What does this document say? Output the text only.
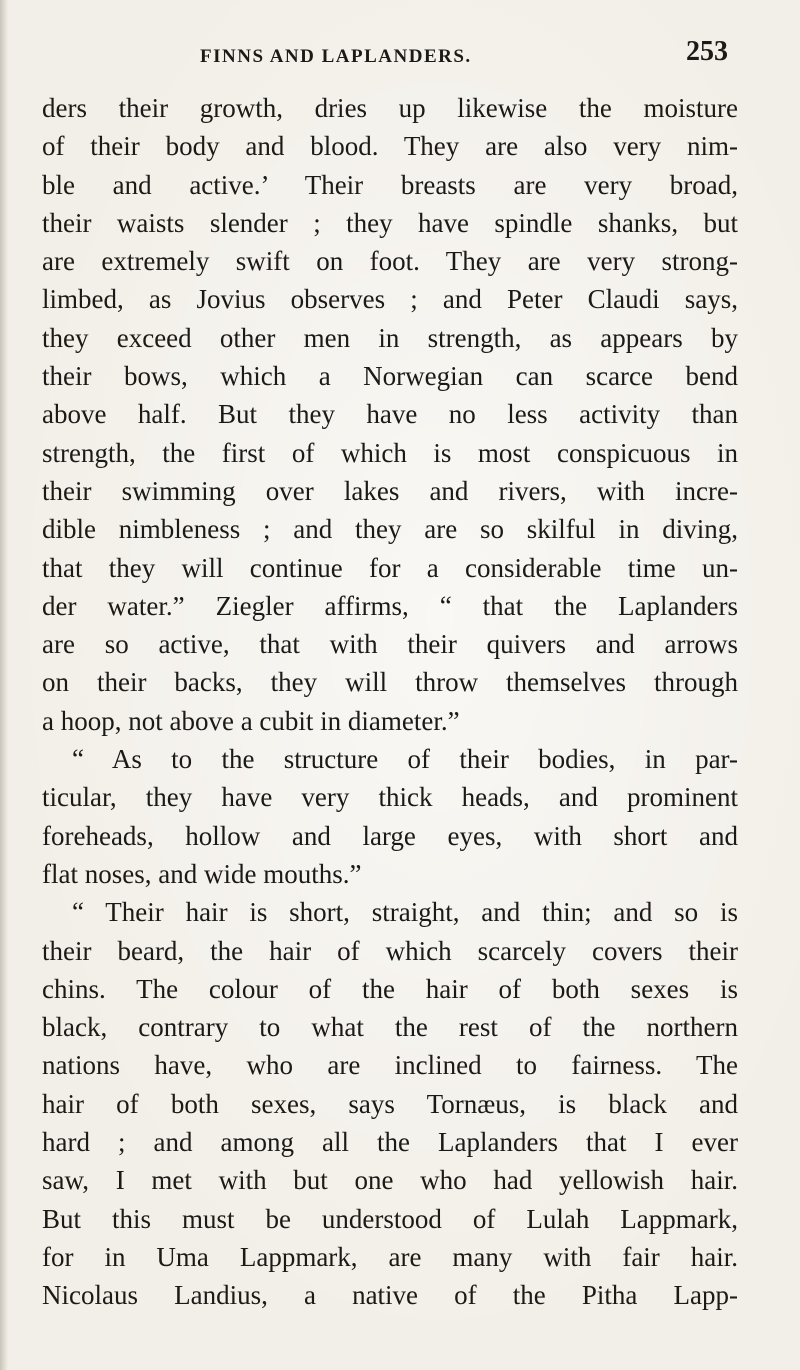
FINNS AND LAPLANDERS.	253
ders their growth, dries up likewise the moisture
of their body and blood. They are also very nim-
ble and active.’ Their breasts are very broad,
their waists slender ; they have spindle shanks, but
are extremely swift on foot. They are very strong-
limbed, as Jovius observes ; and Peter Claudi says,
they exceed other men in strength, as appears by
their bows, which a Norwegian can scarce bend
above half. But they have no less activity than
strength, the first of which is most conspicuous in
their swimming over lakes and rivers, with incre-
dible nimbleness ; and they are so skilful in diving,
that they will continue for a considerable time un-
der water.” Ziegler affirms, “ that the Laplanders
are so active, that with their quivers and arrows
on their backs, they will throw themselves through
a hoop, not above a cubit in diameter.”
“ As to the structure of their bodies, in par-
ticular, they have very thick heads, and prominent
foreheads, hollow and large eyes, with short and
flat noses, and wide mouths.”
“ Their hair is short, straight, and thin; and so is
their beard, the hair of which scarcely covers their
chins. The colour of the hair of both sexes is
black, contrary to what the rest of the northern
nations have, who are inclined to fairness. The
hair of both sexes, says Tornæus, is black and
hard ; and among all the Laplanders that I ever
saw, I met with but one who had yellowish hair.
But this must be understood of Lulah Lappmark,
for in Uma Lappmark, are many with fair hair.
Nicolaus Landius, a native of the Pitha Lapp-
